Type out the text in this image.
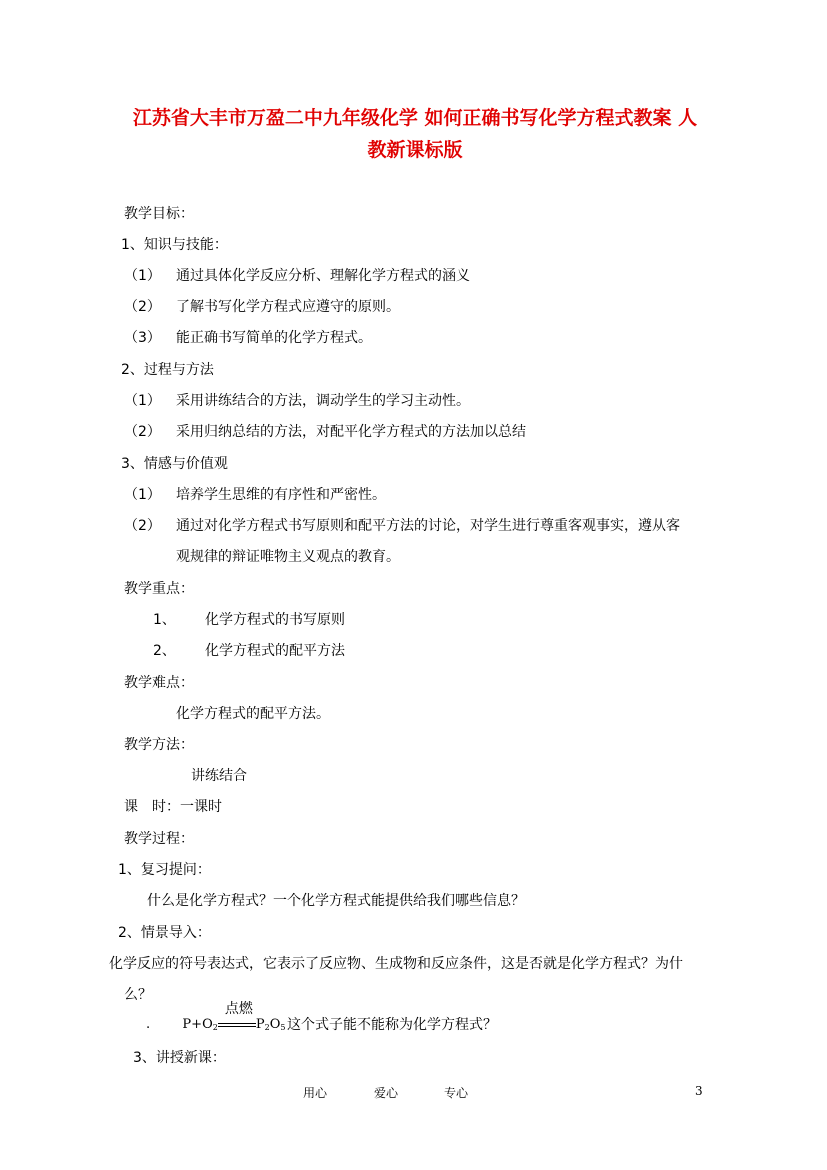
江苏省大丰市万盈二中九年级化学 如何正确书写化学方程式教案 人
教新课标版
教学目标：
1、知识与技能：
（1） 通过具体化学反应分析、理解化学方程式的涵义
（2） 了解书写化学方程式应遵守的原则。
（3） 能正确书写简单的化学方程式。
2、过程与方法
（1） 采用讲练结合的方法，调动学生的学习主动性。
（2） 采用归纳总结的方法，对配平化学方程式的方法加以总结
3、情感与价值观
（1） 培养学生思维的有序性和严密性。
（2） 通过对化学方程式书写原则和配平方法的讨论，对学生进行尊重客观事实，遵从客
观规律的辩证唯物主义观点的教育。
教学重点：
1、 化学方程式的书写原则
2、 化学方程式的配平方法
教学难点：
化学方程式的配平方法。
教学方法：
讲练结合
课　时：一课时
教学过程：
1、复习提问：
什么是化学方程式？一个化学方程式能提供给我们哪些信息？
2、情景导入：
化学反应的符号表达式，它表示了反应物、生成物和反应条件，这是否就是化学方程式？为什
么？
. $P+O_2$
点燃
$P_2O_5$ 这个式子能不能称为化学方程式？
3、讲授新课：
用心	爱心	专心	3
